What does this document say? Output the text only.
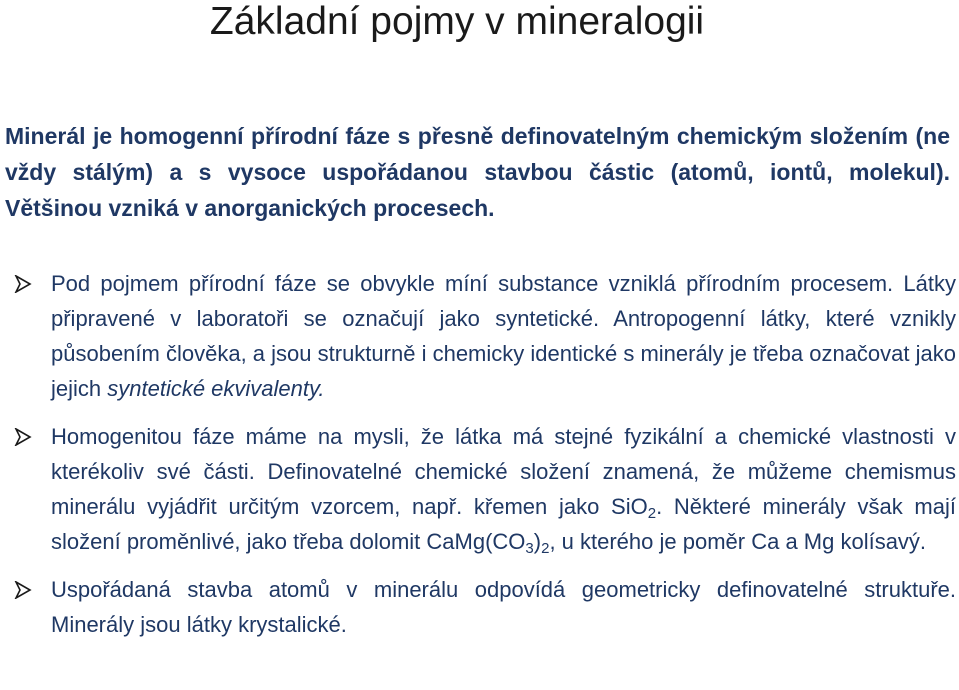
Základní pojmy v mineralogii

Minerál je homogenní přírodní fáze s přesně definovatelným chemickým složením (ne vždy stálým) a s vysoce uspořádanou stavbou částic (atomů, iontů, molekul). Většinou vzniká v anorganických procesech.

Pod pojmem přírodní fáze se obvykle míní substance vzniklá přírodním procesem. Látky připravené v laboratoři se označují jako syntetické. Antropogenní látky, které vznikly působením člověka, a jsou strukturně i chemicky identické s minerály je třeba označovat jako jejich syntetické ekvivalenty.
Homogenitou fáze máme na mysli, že látka má stejné fyzikální a chemické vlastnosti v kterékoliv své části. Definovatelné chemické složení znamená, že můžeme chemismus minerálu vyjádřit určitým vzorcem, např. křemen jako SiO$_2$. Některé minerály však mají složení proměnlivé, jako třeba dolomit $CaMg(CO_3)_2$, u kterého je poměr Ca a Mg kolísavý.
Uspořádaná stavba atomů v minerálu odpovídá geometricky definovatelné struktuře. Minerály jsou látky krystalické.
